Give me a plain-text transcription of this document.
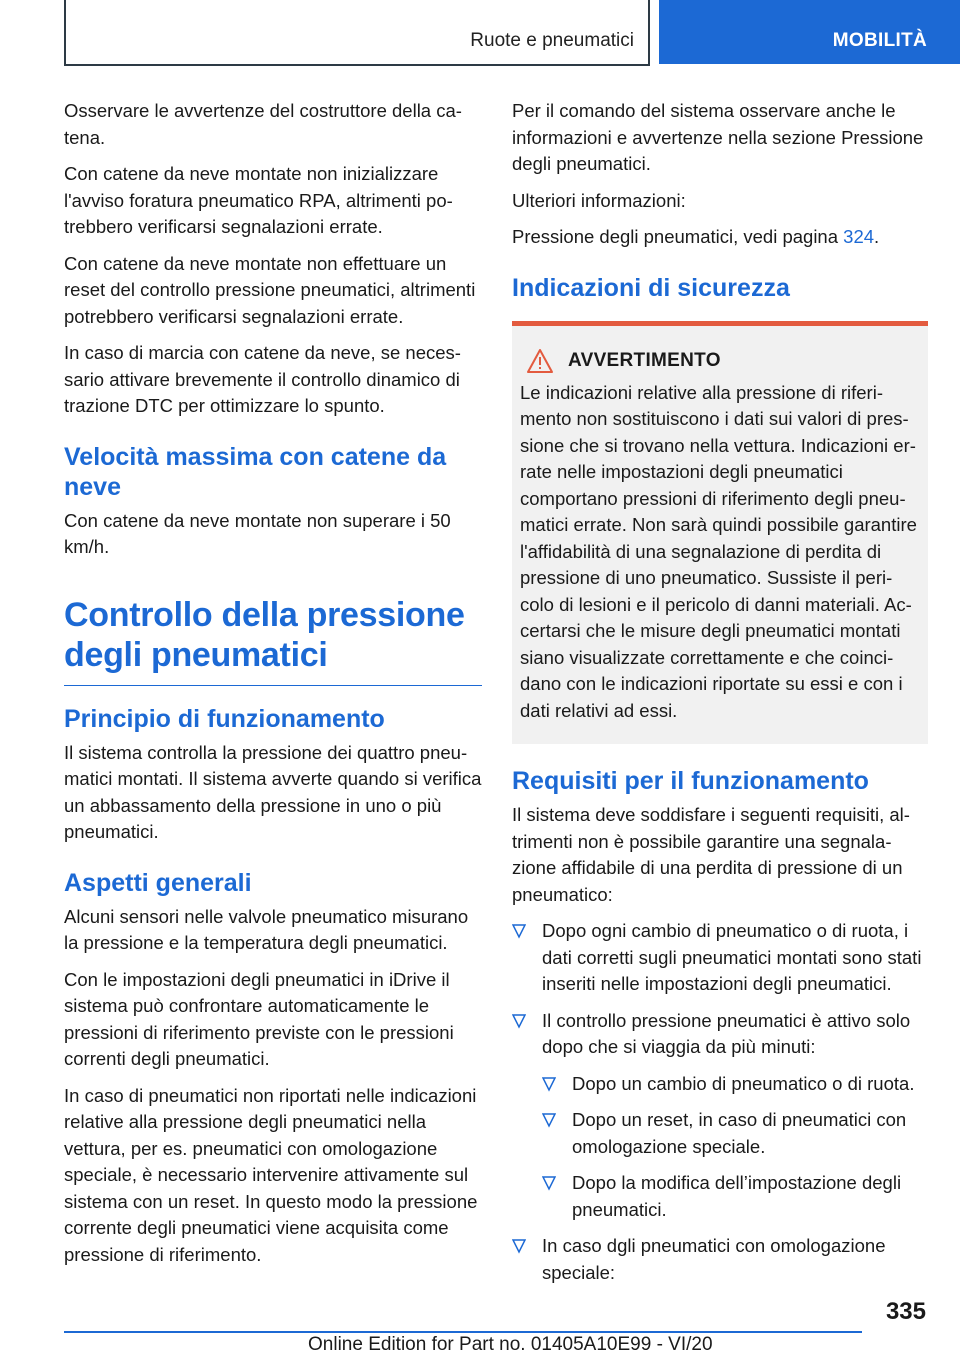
Ruote e pneumatici	MOBILITÀ

Osservare le avvertenze del costruttore della catena.

Con catene da neve montate non inizializzare l'avviso foratura pneumatico RPA, altrimenti potrebbero verificarsi segnalazioni errate.

Con catene da neve montate non effettuare un reset del controllo pressione pneumatici, altrimenti potrebbero verificarsi segnalazioni errate.

In caso di marcia con catene da neve, se necessario attivare brevemente il controllo dinamico di trazione DTC per ottimizzare lo spunto.

Velocità massima con catene da neve

Con catene da neve montate non superare i 50 km/h.

Controllo della pressione degli pneumatici
Principio di funzionamento

Il sistema controlla la pressione dei quattro pneumatici montati. Il sistema avverte quando si verifica un abbassamento della pressione in uno o più pneumatici.

Aspetti generali

Alcuni sensori nelle valvole pneumatico misurano la pressione e la temperatura degli pneumatici.

Con le impostazioni degli pneumatici in iDrive il sistema può confrontare automaticamente le pressioni di riferimento previste con le pressioni correnti degli pneumatici.

In caso di pneumatici non riportati nelle indicazioni relative alla pressione degli pneumatici nella vettura, per es. pneumatici con omologazione speciale, è necessario intervenire attivamente sul sistema con un reset. In questo modo la pressione corrente degli pneumatici viene acquisita come pressione di riferimento.

Per il comando del sistema osservare anche le informazioni e avvertenze nella sezione Pressione degli pneumatici.

Ulteriori informazioni:

Pressione degli pneumatici, vedi pagina 324.

Indicazioni di sicurezza
AVVERTIMENTO

Le indicazioni relative alla pressione di riferimento non sostituiscono i dati sui valori di pressione che si trovano nella vettura. Indicazioni errate nelle impostazioni degli pneumatici comportano pressioni di riferimento degli pneumatici errate. Non sarà quindi possibile garantire l'affidabilità di una segnalazione di perdita di pressione di uno pneumatico. Sussiste il pericolo di lesioni e il pericolo di danni materiali. Accertarsi che le misure degli pneumatici montati siano visualizzate correttamente e che coincidano con le indicazioni riportate su essi e con i dati relativi ad essi.

Requisiti per il funzionamento

Il sistema deve soddisfare i seguenti requisiti, altrimenti non è possibile garantire una segnalazione affidabile di una perdita di pressione di un pneumatico:

Dopo ogni cambio di pneumatico o di ruota, i dati corretti sugli pneumatici montati sono stati inseriti nelle impostazioni degli pneumatici.
Il controllo pressione pneumatici è attivo solo dopo che si viaggia da più minuti:
Dopo un cambio di pneumatico o di ruota.
Dopo un reset, in caso di pneumatici con omologazione speciale.
Dopo la modifica dell’impostazione degli pneumatici.
In caso dgli pneumatici con omologazione speciale:
335
Online Edition for Part no. 01405A10E99 - VI/20
